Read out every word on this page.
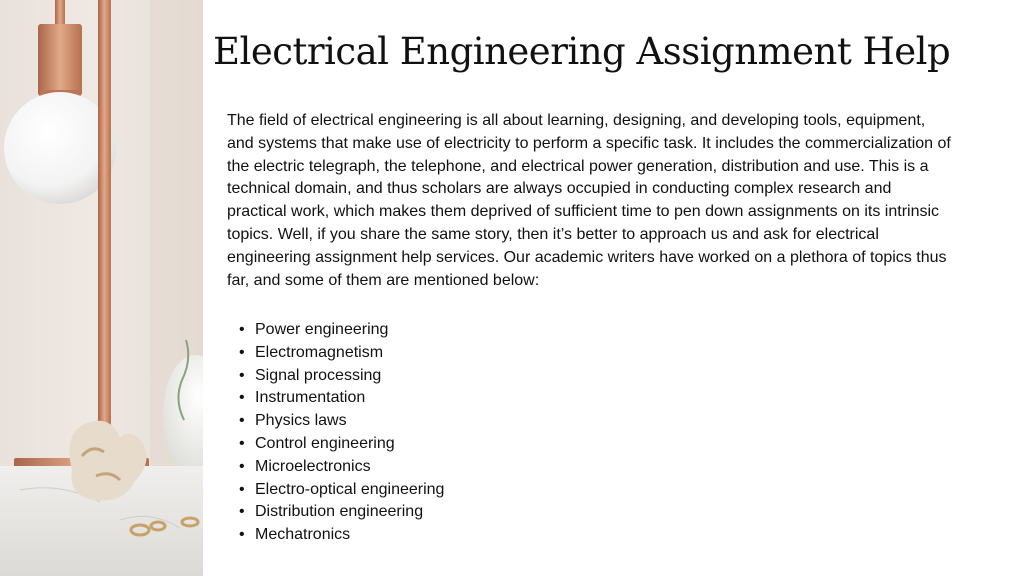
Electrical Engineering Assignment Help

The field of electrical engineering is all about learning, designing, and developing tools, equipment, and systems that make use of electricity to perform a specific task. It includes the commercialization of the electric telegraph, the telephone, and electrical power generation, distribution and use. This is a technical domain, and thus scholars are always occupied in conducting complex research and practical work, which makes them deprived of sufficient time to pen down assignments on its intrinsic topics. Well, if you share the same story, then it’s better to approach us and ask for electrical engineering assignment help services. Our academic writers have worked on a plethora of topics thus far, and some of them are mentioned below:

• Power engineering
• Electromagnetism
• Signal processing
• Instrumentation
• Physics laws
• Control engineering
• Microelectronics
• Electro-optical engineering
• Distribution engineering
• Mechatronics
